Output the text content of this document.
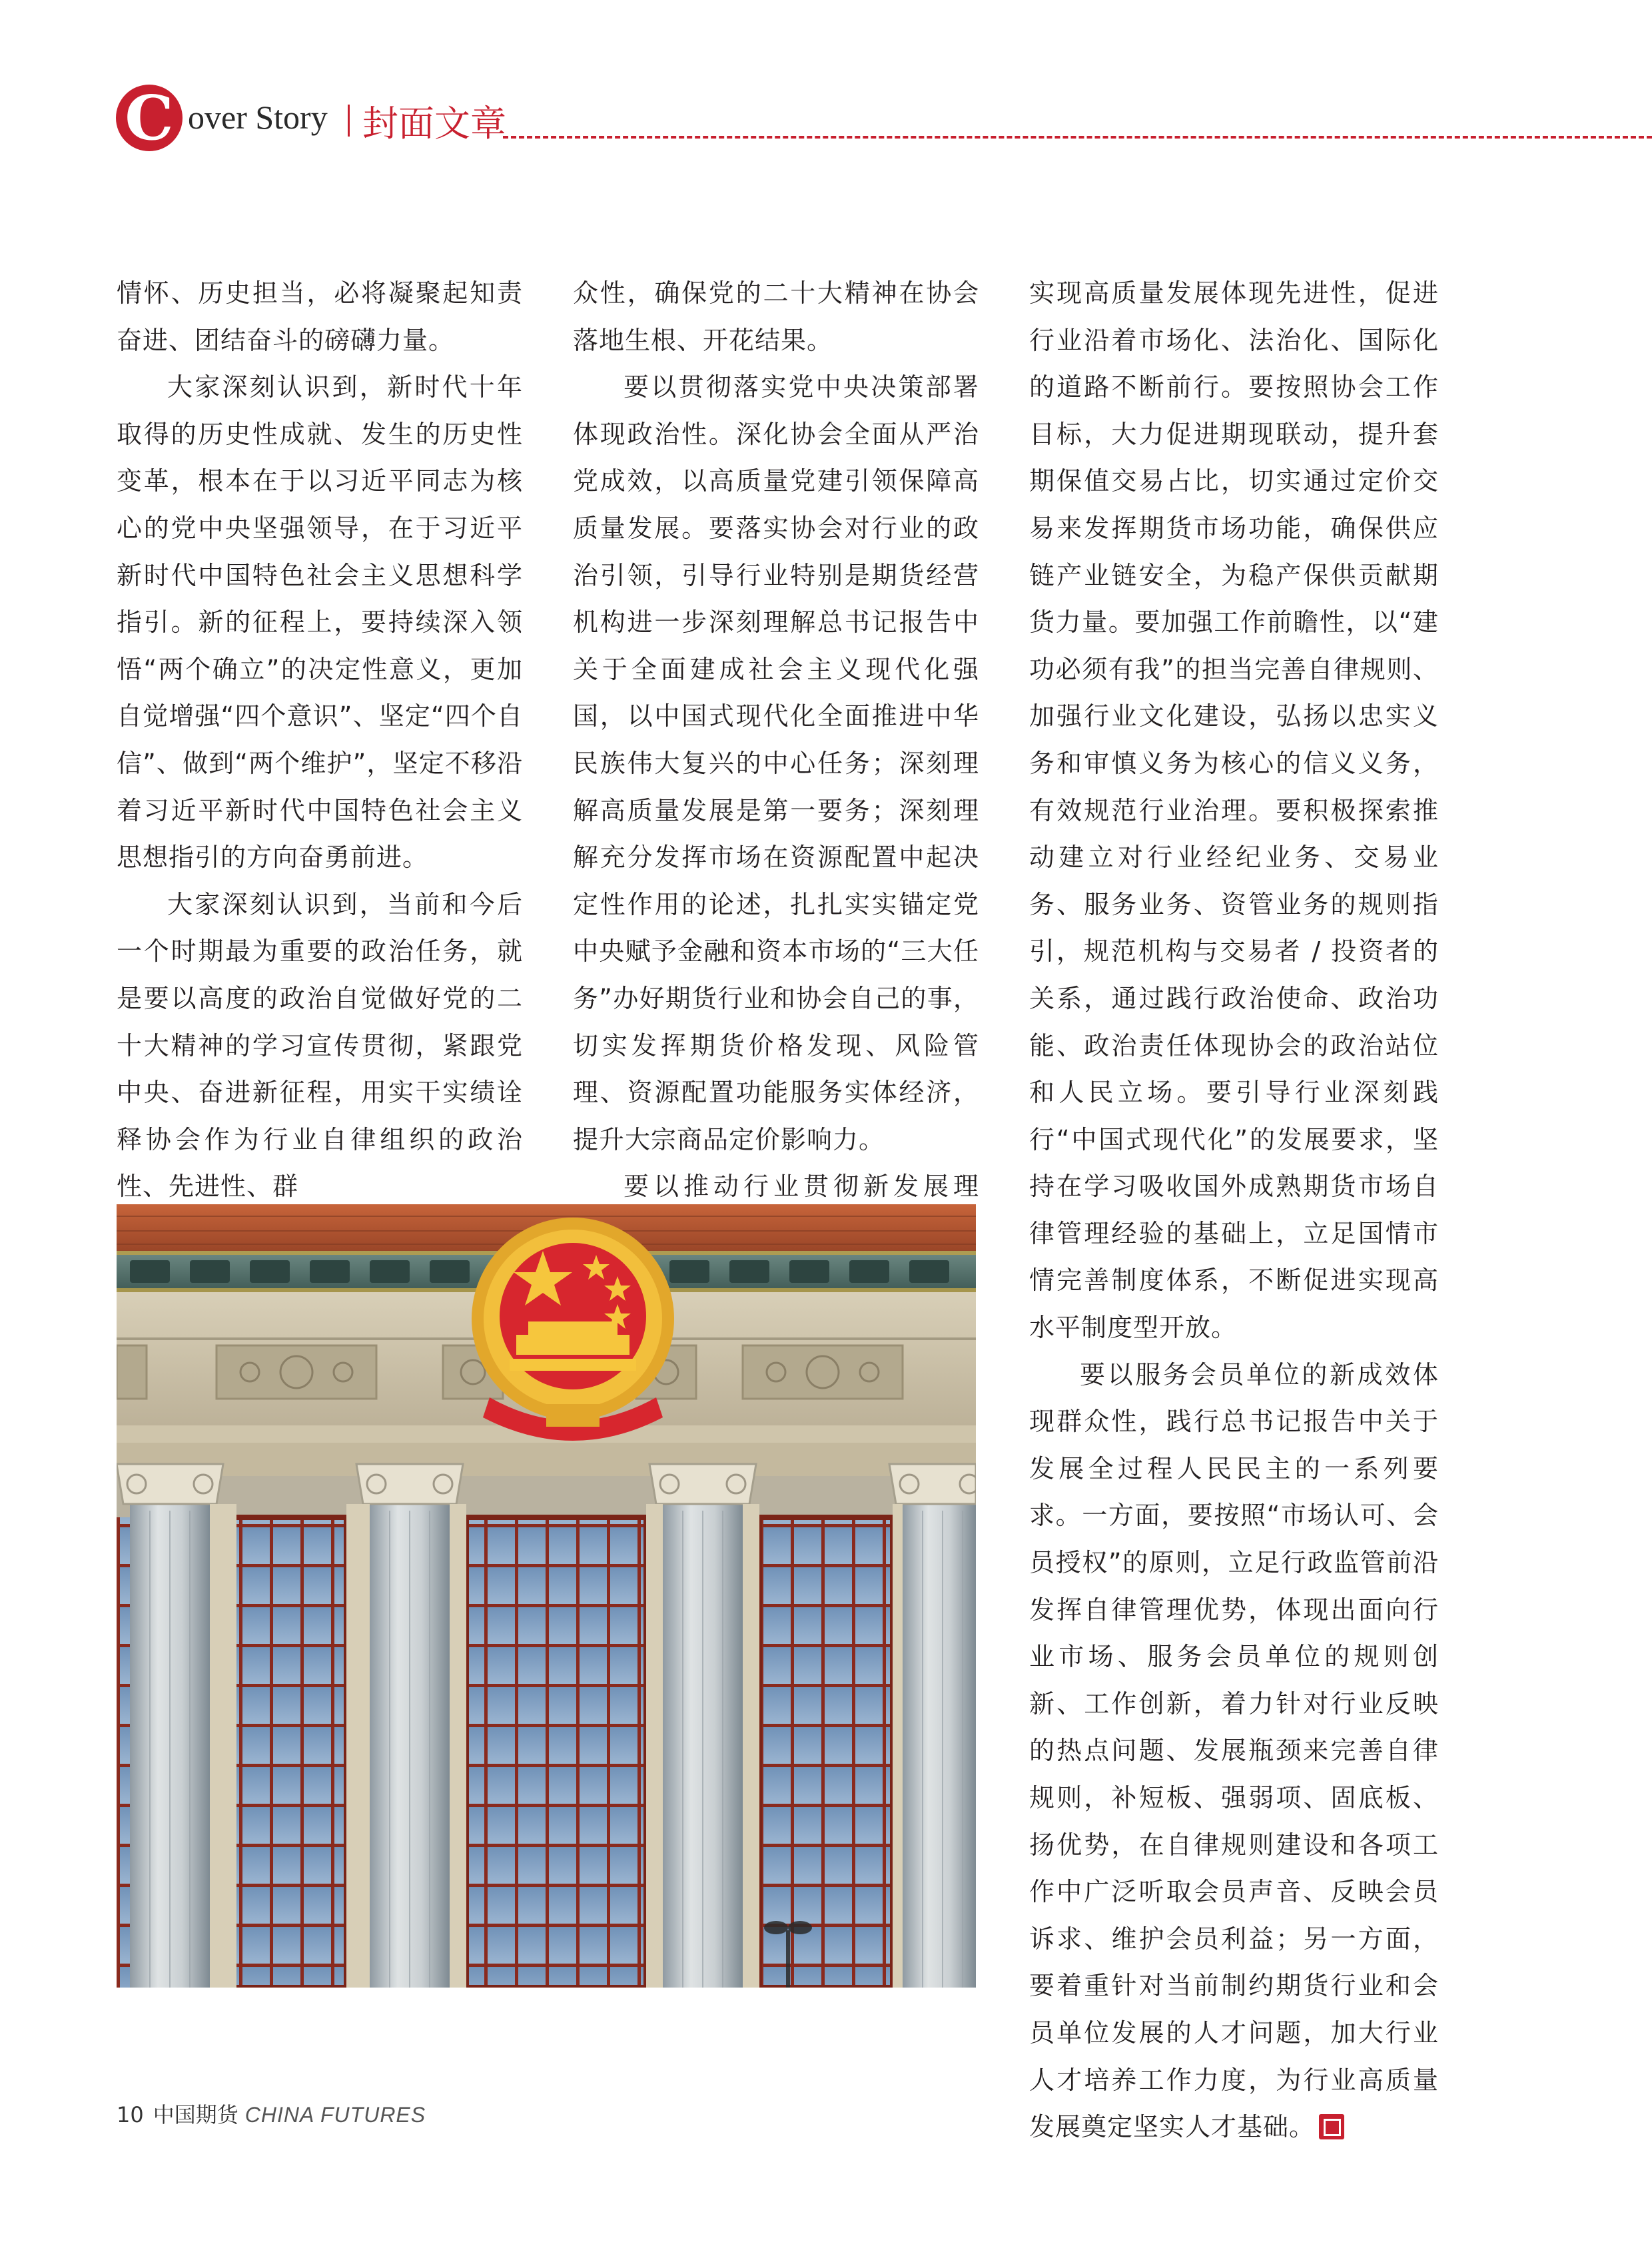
C over Story 封面文章

情怀、历史担当，必将凝聚起知责奋进、团结奋斗的磅礴力量。

大家深刻认识到，新时代十年取得的历史性成就、发生的历史性变革，根本在于以习近平同志为核心的党中央坚强领导，在于习近平新时代中国特色社会主义思想科学指引。新的征程上，要持续深入领悟“两个确立”的决定性意义，更加自觉增强“四个意识”、坚定“四个自信”、做到“两个维护”，坚定不移沿着习近平新时代中国特色社会主义思想指引的方向奋勇前进。

大家深刻认识到，当前和今后一个时期最为重要的政治任务，就是要以高度的政治自觉做好党的二十大精神的学习宣传贯彻，紧跟党中央、奋进新征程，用实干实绩诠释协会作为行业自律组织的政治性、先进性、群

众性，确保党的二十大精神在协会落地生根、开花结果。

要以贯彻落实党中央决策部署体现政治性。深化协会全面从严治党成效，以高质量党建引领保障高质量发展。要落实协会对行业的政治引领，引导行业特别是期货经营机构进一步深刻理解总书记报告中关于全面建成社会主义现代化强国，以中国式现代化全面推进中华民族伟大复兴的中心任务；深刻理解高质量发展是第一要务；深刻理解充分发挥市场在资源配置中起决定性作用的论述，扎扎实实锚定党中央赋予金融和资本市场的“三大任务”办好期货行业和协会自己的事，切实发挥期货价格发现、风险管理、资源配置功能服务实体经济，提升大宗商品定价影响力。

要以推动行业贯彻新发展理

实现高质量发展体现先进性，促进行业沿着市场化、法治化、国际化的道路不断前行。要按照协会工作目标，大力促进期现联动，提升套期保值交易占比，切实通过定价交易来发挥期货市场功能，确保供应链产业链安全，为稳产保供贡献期货力量。要加强工作前瞻性，以“建功必须有我”的担当完善自律规则、加强行业文化建设，弘扬以忠实义务和审慎义务为核心的信义义务，有效规范行业治理。要积极探索推动建立对行业经纪业务、交易业务、服务业务、资管业务的规则指引，规范机构与交易者 / 投资者的关系，通过践行政治使命、政治功能、政治责任体现协会的政治站位和人民立场。要引导行业深刻践行“中国式现代化”的发展要求，坚持在学习吸收国外成熟期货市场自律管理经验的基础上，立足国情市情完善制度体系，不断促进实现高水平制度型开放。

要以服务会员单位的新成效体现群众性，践行总书记报告中关于发展全过程人民民主的一系列要求。一方面，要按照“市场认可、会员授权”的原则，立足行政监管前沿发挥自律管理优势，体现出面向行业市场、服务会员单位的规则创新、工作创新，着力针对行业反映的热点问题、发展瓶颈来完善自律规则，补短板、强弱项、固底板、扬优势，在自律规则建设和各项工作中广泛听取会员声音、反映会员诉求、维护会员利益；另一方面，要着重针对当前制约期货行业和会员单位发展的人才问题，加大行业人才培养工作力度，为行业高质量发展奠定坚实人才基础。

10 中国期货 CHINA FUTURES
